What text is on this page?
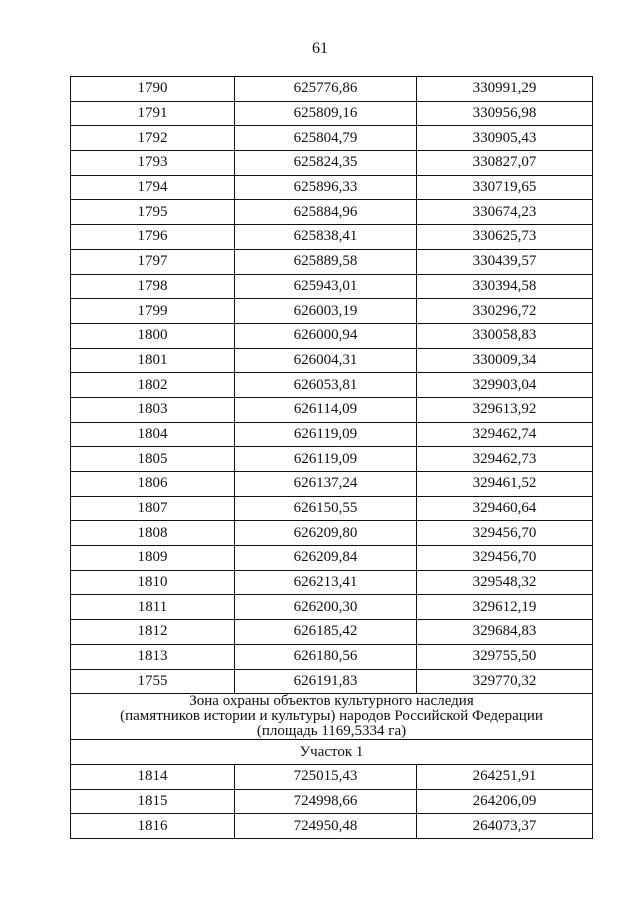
61
1790	625776,86	330991,29
1791	625809,16	330956,98
1792	625804,79	330905,43
1793	625824,35	330827,07
1794	625896,33	330719,65
1795	625884,96	330674,23
1796	625838,41	330625,73
1797	625889,58	330439,57
1798	625943,01	330394,58
1799	626003,19	330296,72
1800	626000,94	330058,83
1801	626004,31	330009,34
1802	626053,81	329903,04
1803	626114,09	329613,92
1804	626119,09	329462,74
1805	626119,09	329462,73
1806	626137,24	329461,52
1807	626150,55	329460,64
1808	626209,80	329456,70
1809	626209,84	329456,70
1810	626213,41	329548,32
1811	626200,30	329612,19
1812	626185,42	329684,83
1813	626180,56	329755,50
1755	626191,83	329770,32

Зона охраны объектов культурного наследия
(памятников истории и культуры) народов Российской Федерации
(площадь 1169,5334 га)		

Участок 1		
1814	725015,43	264251,91
1815	724998,66	264206,09
1816	724950,48	264073,37
